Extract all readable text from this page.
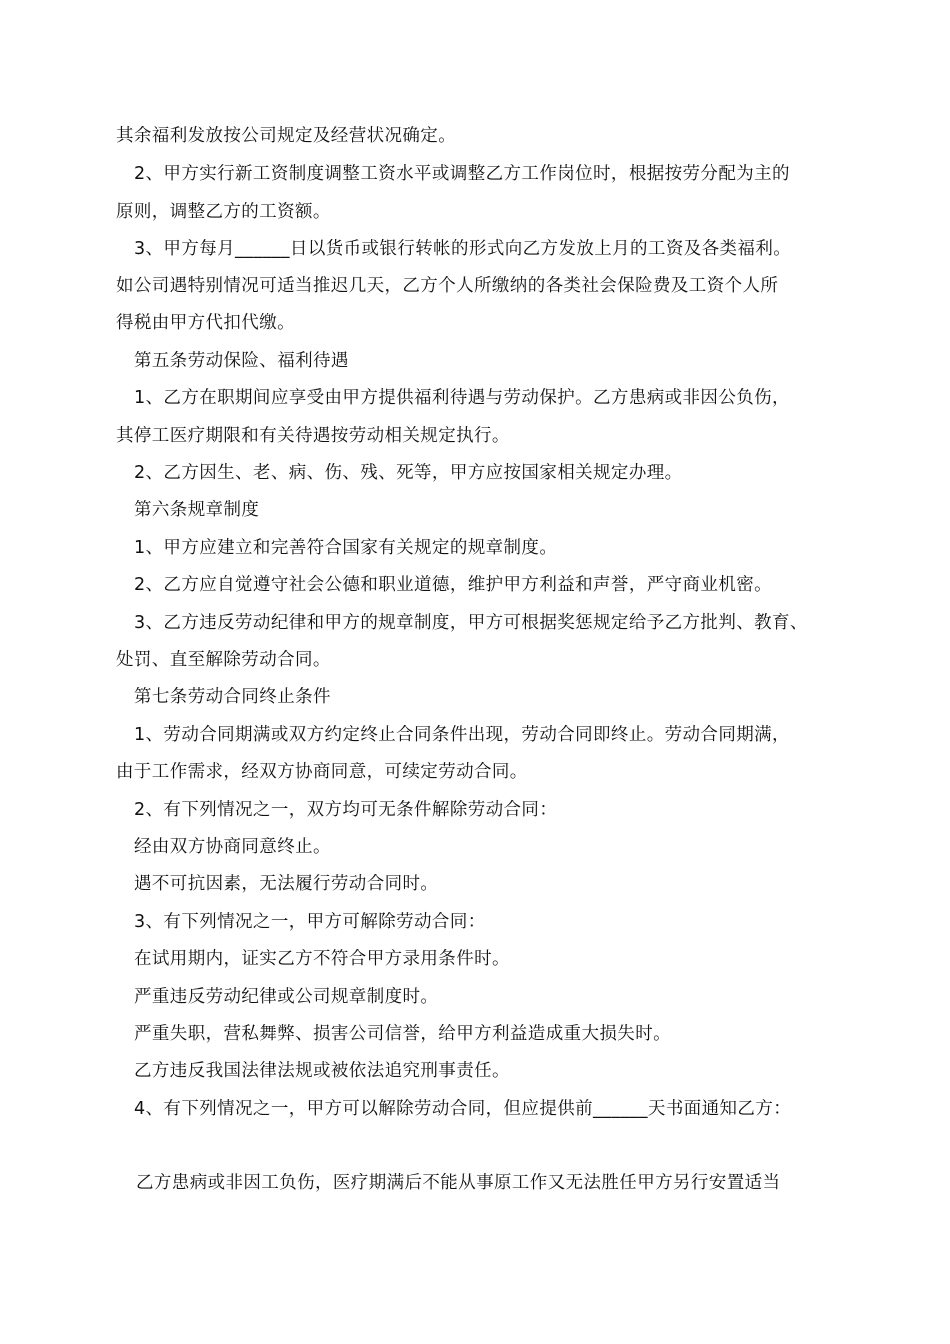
其余福利发放按公司规定及经营状况确定。
2、甲方实行新工资制度调整工资水平或调整乙方工作岗位时，根据按劳分配为主的
原则，调整乙方的工资额。
3、甲方每月______日以货币或银行转帐的形式向乙方发放上月的工资及各类福利。
如公司遇特别情况可适当推迟几天，乙方个人所缴纳的各类社会保险费及工资个人所
得税由甲方代扣代缴。
第五条劳动保险、福利待遇
1、乙方在职期间应享受由甲方提供福利待遇与劳动保护。乙方患病或非因公负伤，
其停工医疗期限和有关待遇按劳动相关规定执行。
2、乙方因生、老、病、伤、残、死等，甲方应按国家相关规定办理。
第六条规章制度
1、甲方应建立和完善符合国家有关规定的规章制度。
2、乙方应自觉遵守社会公德和职业道德，维护甲方利益和声誉，严守商业机密。
3、乙方违反劳动纪律和甲方的规章制度，甲方可根据奖惩规定给予乙方批判、教育、
处罚、直至解除劳动合同。
第七条劳动合同终止条件
1、劳动合同期满或双方约定终止合同条件出现，劳动合同即终止。劳动合同期满，
由于工作需求，经双方协商同意，可续定劳动合同。
2、有下列情况之一，双方均可无条件解除劳动合同：
经由双方协商同意终止。
遇不可抗因素，无法履行劳动合同时。
3、有下列情况之一，甲方可解除劳动合同：
在试用期内，证实乙方不符合甲方录用条件时。
严重违反劳动纪律或公司规章制度时。
严重失职，营私舞弊、损害公司信誉，给甲方利益造成重大损失时。
乙方违反我国法律法规或被依法追究刑事责任。
4、有下列情况之一，甲方可以解除劳动合同，但应提供前______天书面通知乙方：
乙方患病或非因工负伤，医疗期满后不能从事原工作又无法胜任甲方另行安置适当
